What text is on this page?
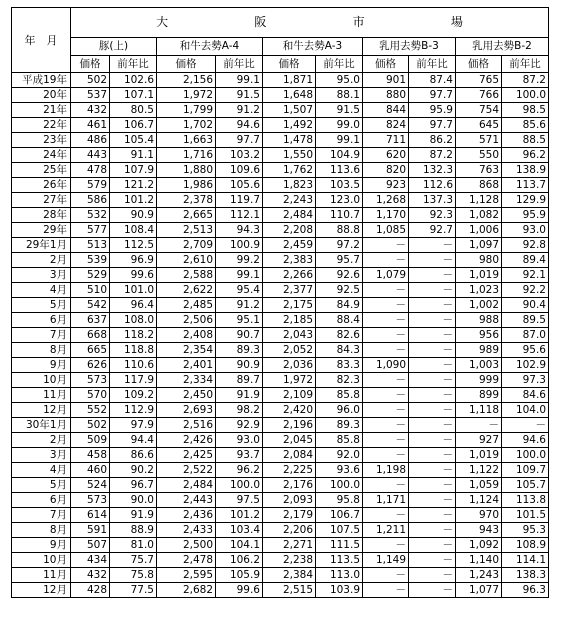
年　月	大 阪 市 場									

	豚(上)		和牛去勢A-4		和牛去勢A-3		乳用去勢B-3		乳用去勢B-2	
	価格	前年比	価格	前年比	価格	前年比	価格	前年比	価格	前年比
平成19年	502	102.6	2,156	99.1	1,871	95.0	901	87.4	765	87.2
20年	537	107.1	1,972	91.5	1,648	88.1	880	97.7	766	100.0
21年	432	80.5	1,799	91.2	1,507	91.5	844	95.9	754	98.5
22年	461	106.7	1,702	94.6	1,492	99.0	824	97.7	645	85.6
23年	486	105.4	1,663	97.7	1,478	99.1	711	86.2	571	88.5
24年	443	91.1	1,716	103.2	1,550	104.9	620	87.2	550	96.2
25年	478	107.9	1,880	109.6	1,762	113.6	820	132.3	763	138.9
26年	579	121.2	1,986	105.6	1,823	103.5	923	112.6	868	113.7
27年	586	101.2	2,378	119.7	2,243	123.0	1,268	137.3	1,128	129.9
28年	532	90.9	2,665	112.1	2,484	110.7	1,170	92.3	1,082	95.9
29年	577	108.4	2,513	94.3	2,208	88.8	1,085	92.7	1,006	93.0
29年1月	513	112.5	2,709	100.9	2,459	97.2	－	－	1,097	92.8
2月	539	96.9	2,610	99.2	2,383	95.7	－	－	980	89.4
3月	529	99.6	2,588	99.1	2,266	92.6	1,079	－	1,019	92.1
4月	510	101.0	2,622	95.4	2,377	92.5	－	－	1,023	92.2
5月	542	96.4	2,485	91.2	2,175	84.9	－	－	1,002	90.4
6月	637	108.0	2,506	95.1	2,185	88.4	－	－	988	89.5
7月	668	118.2	2,408	90.7	2,043	82.6	－	－	956	87.0
8月	665	118.8	2,354	89.3	2,052	84.3	－	－	989	95.6
9月	626	110.6	2,401	90.9	2,036	83.3	1,090	－	1,003	102.9
10月	573	117.9	2,334	89.7	1,972	82.3	－	－	999	97.3
11月	570	109.2	2,450	91.9	2,109	85.8	－	－	899	84.6
12月	552	112.9	2,693	98.2	2,420	96.0	－	－	1,118	104.0
30年1月	502	97.9	2,516	92.9	2,196	89.3	－	－	－	－
2月	509	94.4	2,426	93.0	2,045	85.8	－	－	927	94.6
3月	458	86.6	2,425	93.7	2,084	92.0	－	－	1,019	100.0
4月	460	90.2	2,522	96.2	2,225	93.6	1,198	－	1,122	109.7
5月	524	96.7	2,484	100.0	2,176	100.0	－	－	1,059	105.7
6月	573	90.0	2,443	97.5	2,093	95.8	1,171	－	1,124	113.8
7月	614	91.9	2,436	101.2	2,179	106.7	－	－	970	101.5
8月	591	88.9	2,433	103.4	2,206	107.5	1,211	－	943	95.3
9月	507	81.0	2,500	104.1	2,271	111.5	－	－	1,092	108.9
10月	434	75.7	2,478	106.2	2,238	113.5	1,149	－	1,140	114.1
11月	432	75.8	2,595	105.9	2,384	113.0	－	－	1,243	138.3
12月	428	77.5	2,682	99.6	2,515	103.9	－	－	1,077	96.3
